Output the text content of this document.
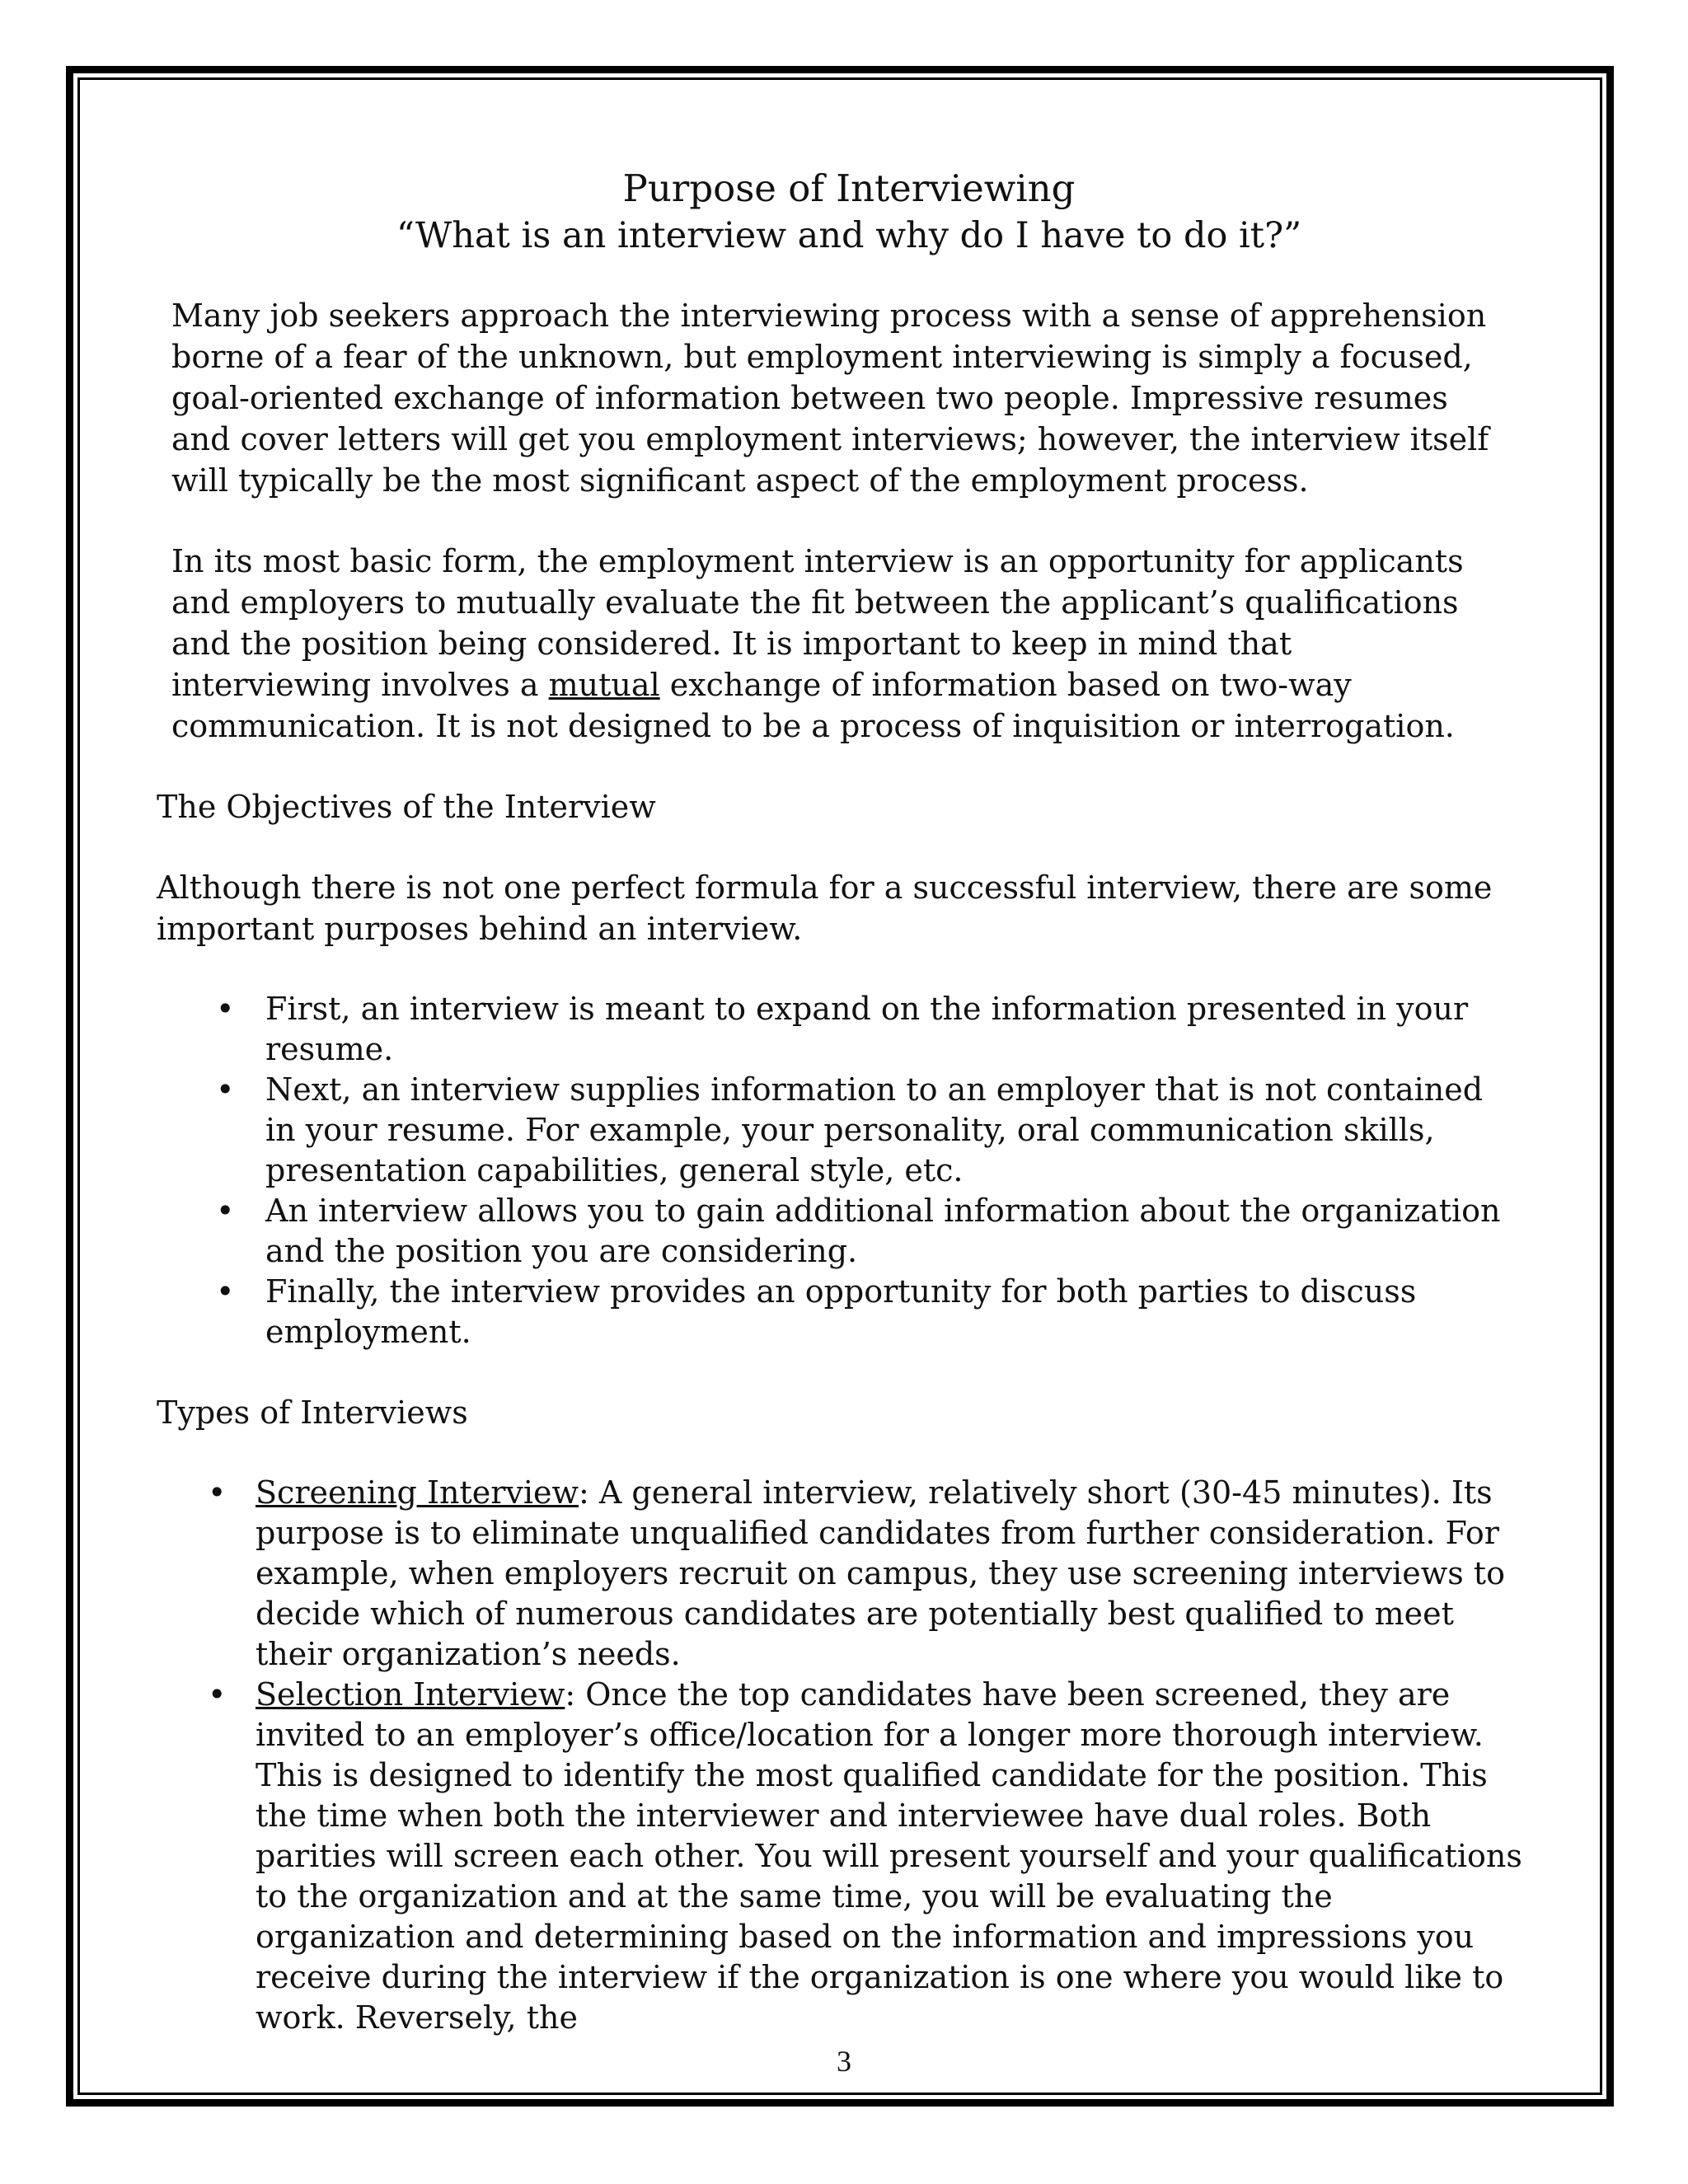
Purpose of Interviewing

“What is an interview and why do I have to do it?”

Many job seekers approach the interviewing process with a sense of apprehension borne of a fear of the unknown, but employment interviewing is simply a focused, goal-oriented exchange of information between two people. Impressive resumes and cover letters will get you employment interviews; however, the interview itself will typically be the most significant aspect of the employment process.

In its most basic form, the employment interview is an opportunity for applicants and employers to mutually evaluate the fit between the applicant’s qualifications and the position being considered. It is important to keep in mind that interviewing involves a mutual exchange of information based on two-way communication. It is not designed to be a process of inquisition or interrogation.

The Objectives of the Interview

Although there is not one perfect formula for a successful interview, there are some important purposes behind an interview.

• First, an interview is meant to expand on the information presented in your resume.
• Next, an interview supplies information to an employer that is not contained in your resume. For example, your personality, oral communication skills, presentation capabilities, general style, etc.
• An interview allows you to gain additional information about the organization and the position you are considering.
• Finally, the interview provides an opportunity for both parties to discuss employment.

Types of Interviews

• Screening Interview: A general interview, relatively short (30-45 minutes). Its purpose is to eliminate unqualified candidates from further consideration. For example, when employers recruit on campus, they use screening interviews to decide which of numerous candidates are potentially best qualified to meet their organization’s needs.
• Selection Interview: Once the top candidates have been screened, they are invited to an employer’s office/location for a longer more thorough interview. This is designed to identify the most qualified candidate for the position. This the time when both the interviewer and interviewee have dual roles. Both parities will screen each other. You will present yourself and your qualifications to the organization and at the same time, you will be evaluating the organization and determining based on the information and impressions you receive during the interview if the organization is one where you would like to work. Reversely, the
3
